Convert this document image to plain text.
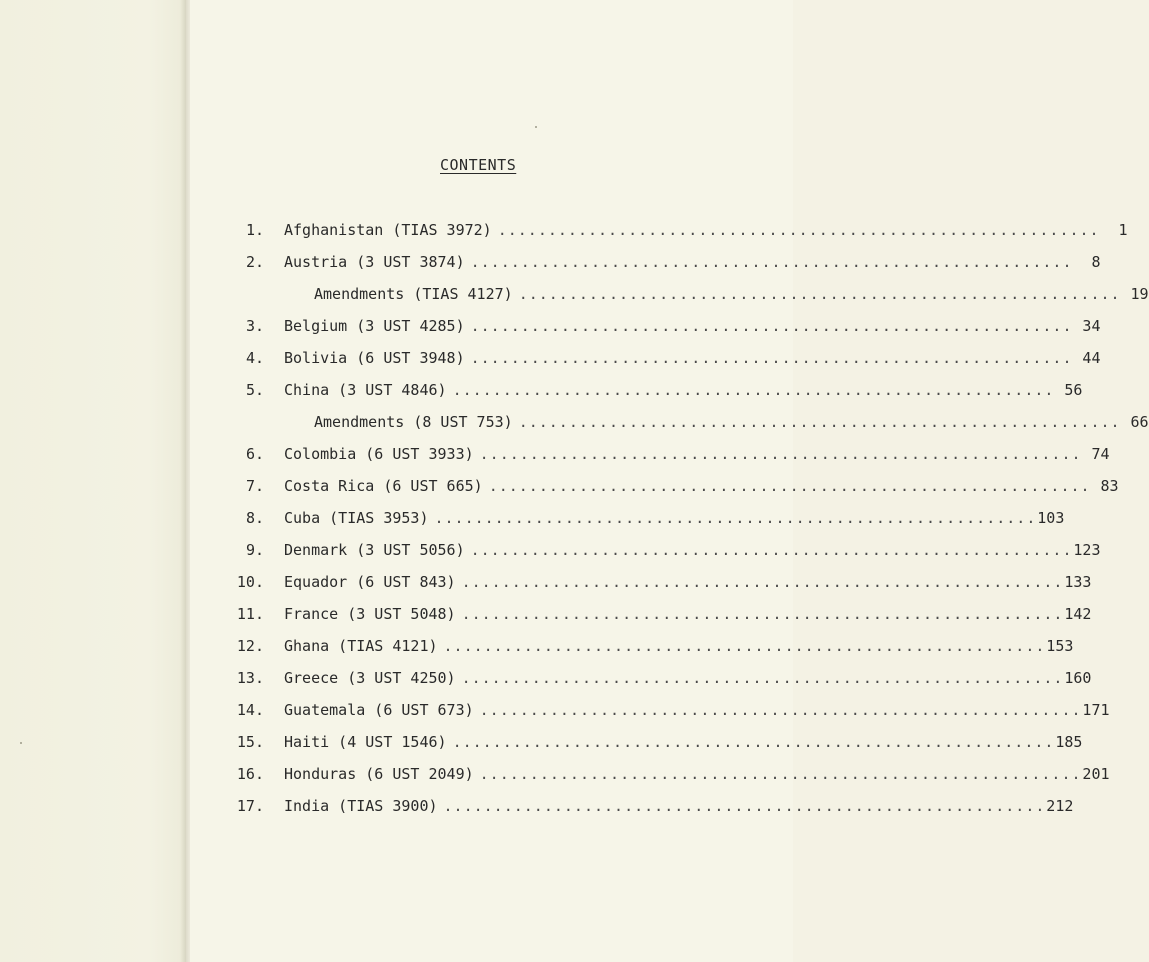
CONTENTS
1. Afghanistan (TIAS 3972) ............................................................	1
2. Austria (3 UST 3874) ............................................................	8
Amendments (TIAS 4127) ............................................................ 19
3. Belgium (3 UST 4285) ............................................................ 34
4. Bolivia (6 UST 3948) ............................................................ 44
5. China (3 UST 4846) ............................................................ 56
Amendments (8 UST 753) ............................................................ 66
6. Colombia (6 UST 3933) ............................................................ 74
7. Costa Rica (6 UST 665) ............................................................ 83
8. Cuba (TIAS 3953) ............................................................ 103
9. Denmark (3 UST 5056) ............................................................ 123
10. Equador (6 UST 843) ............................................................ 133
11. France (3 UST 5048) ............................................................ 142
12. Ghana (TIAS 4121) ............................................................ 153
13. Greece (3 UST 4250) ............................................................ 160
14. Guatemala (6 UST 673) ............................................................ 171
15. Haiti (4 UST 1546) ............................................................ 185
16. Honduras (6 UST 2049) ............................................................ 201
17. India (TIAS 3900) ............................................................ 212
